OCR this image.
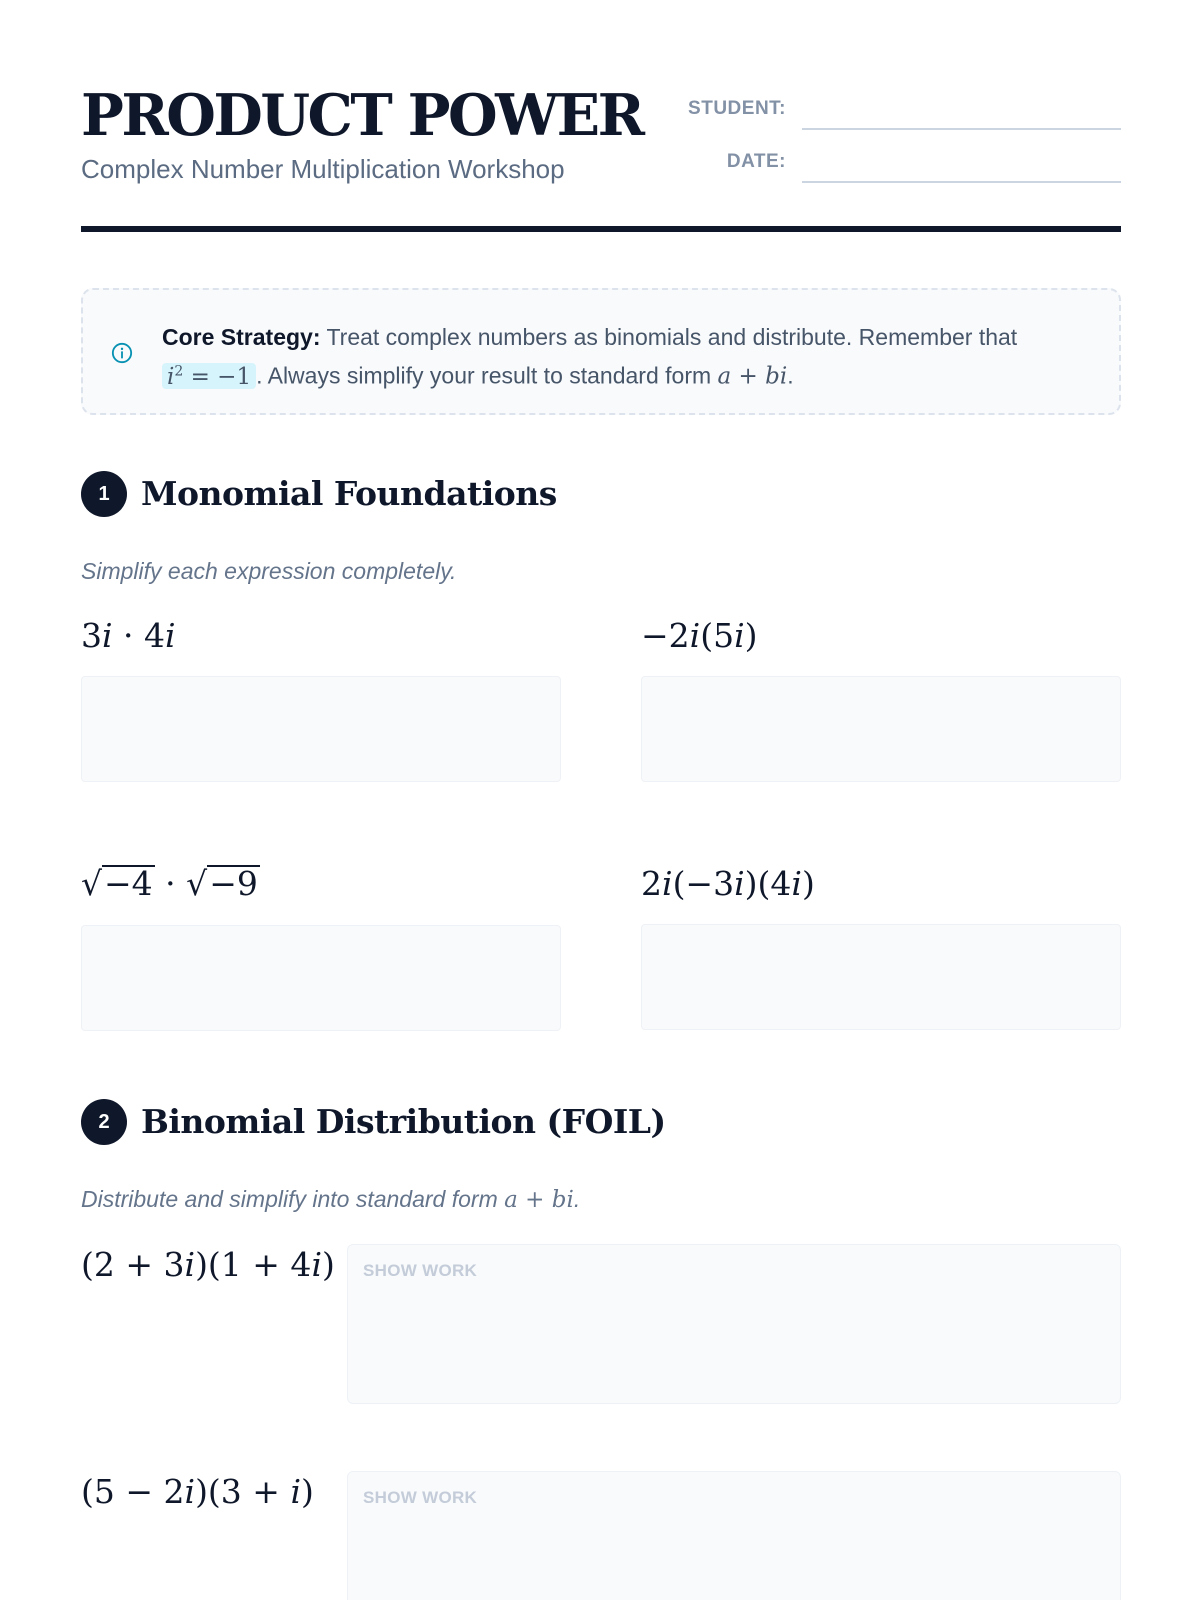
PRODUCT POWER
Complex Number Multiplication Workshop
STUDENT:
DATE:
Core Strategy: Treat complex numbers as binomials and distribute. Remember that
$i^2 = -1$ . Always simplify your result to standard form a + bi.
1 Monomial Foundations
Simplify each expression completely.
3i · 4i	−2i(5i)
√−4 · √−9	2i(−3i)(4i)
2 Binomial Distribution (FOIL)
Distribute and simplify into standard form a + bi.
(2 + 3i)(1 + 4i) SHOW WORK
(5 − 2i)(3 + i)	SHOW WORK
